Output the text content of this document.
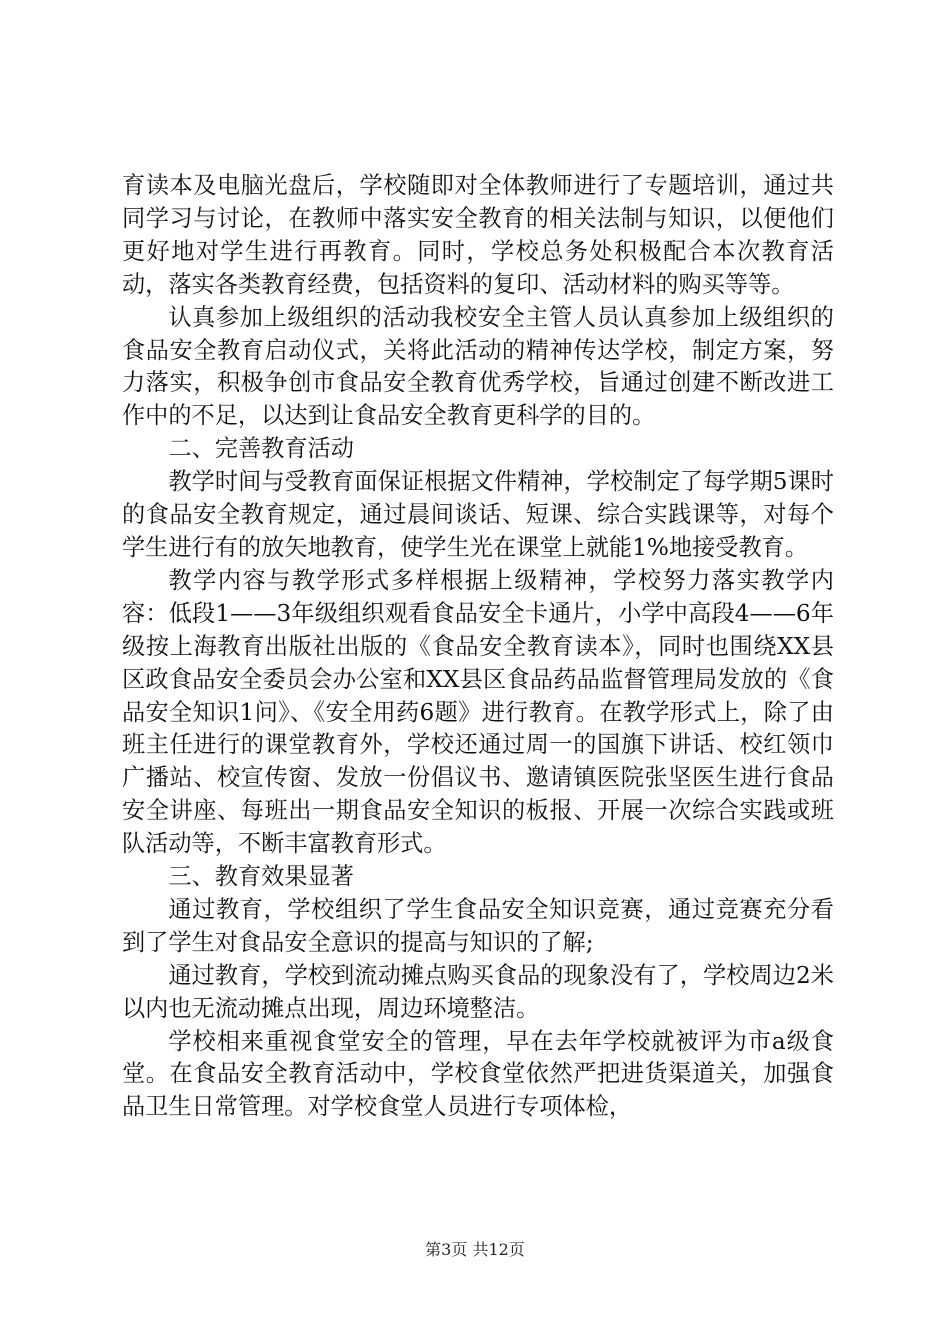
育读本及电脑光盘后，学校随即对全体教师进行了专题培训，通过共同学习与讨论，在教师中落实安全教育的相关法制与知识，以便他们更好地对学生进行再教育。同时，学校总务处积极配合本次教育活动，落实各类教育经费，包括资料的复印、活动材料的购买等等。

认真参加上级组织的活动我校安全主管人员认真参加上级组织的食品安全教育启动仪式，关将此活动的精神传达学校，制定方案，努力落实，积极争创市食品安全教育优秀学校，旨通过创建不断改进工作中的不足，以达到让食品安全教育更科学的目的。

二、完善教育活动

教学时间与受教育面保证根据文件精神，学校制定了每学期5课时的食品安全教育规定，通过晨间谈话、短课、综合实践课等，对每个学生进行有的放矢地教育，使学生光在课堂上就能1%地接受教育。

教学内容与教学形式多样根据上级精神，学校努力落实教学内容：低段1——3年级组织观看食品安全卡通片，小学中高段4——6年级按上海教育出版社出版的《食品安全教育读本》，同时也围绕XX县区政食品安全委员会办公室和XX县区食品药品监督管理局发放的《食品安全知识1问》、《安全用药6题》进行教育。在教学形式上，除了由班主任进行的课堂教育外，学校还通过周一的国旗下讲话、校红领巾广播站、校宣传窗、发放一份倡议书、邀请镇医院张坚医生进行食品安全讲座、每班出一期食品安全知识的板报、开展一次综合实践或班队活动等，不断丰富教育形式。

三、教育效果显著

通过教育，学校组织了学生食品安全知识竞赛，通过竞赛充分看到了学生对食品安全意识的提高与知识的了解;

通过教育，学校到流动摊点购买食品的现象没有了，学校周边2米以内也无流动摊点出现，周边环境整洁。

学校相来重视食堂安全的管理，早在去年学校就被评为市a级食堂。在食品安全教育活动中，学校食堂依然严把进货渠道关，加强食品卫生日常管理。对学校食堂人员进行专项体检，

第3页 共12页
